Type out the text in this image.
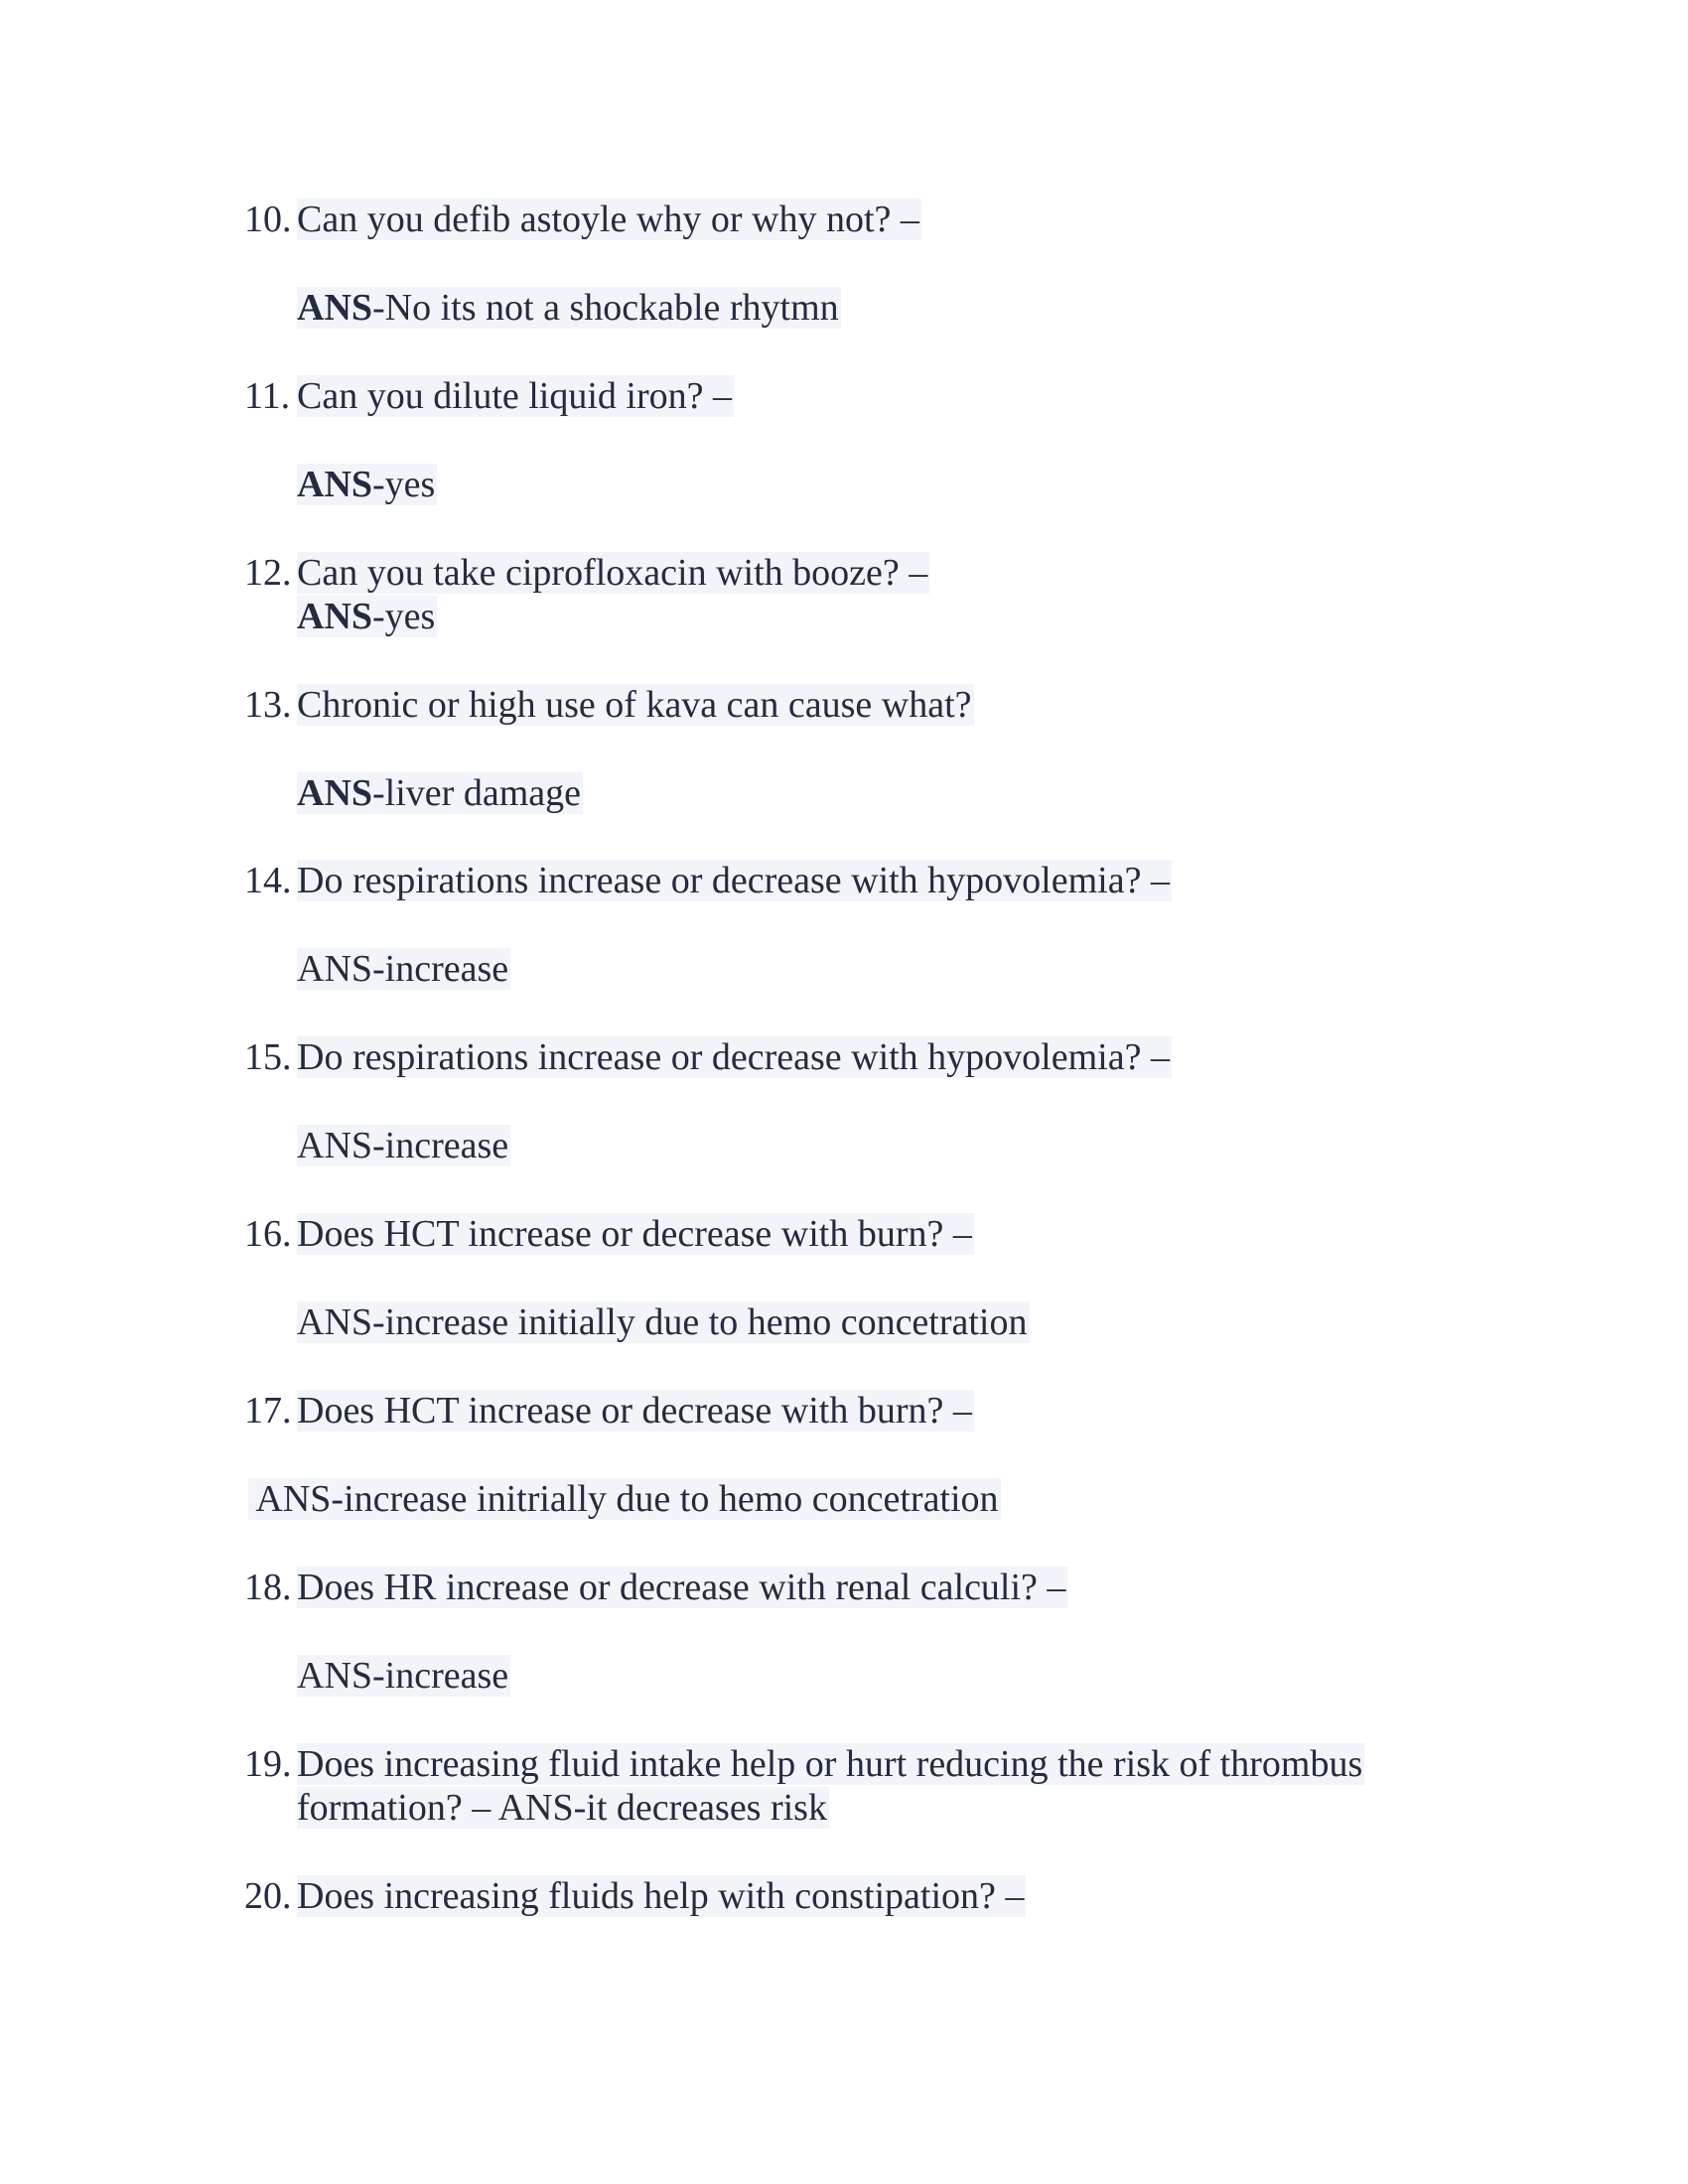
10. Can you defib astoyle why or why not? –
ANS-No its not a shockable rhytmn
11. Can you dilute liquid iron? –
ANS-yes
12. Can you take ciprofloxacin with booze? –
ANS-yes
13. Chronic or high use of kava can cause what?
ANS-liver damage
14. Do respirations increase or decrease with hypovolemia? –
ANS-increase
15. Do respirations increase or decrease with hypovolemia? –
ANS-increase
16. Does HCT increase or decrease with burn? –
ANS-increase initially due to hemo concetration
17. Does HCT increase or decrease with burn? –
ANS-increase initrially due to hemo concetration
18. Does HR increase or decrease with renal calculi? –
ANS-increase
19. Does increasing fluid intake help or hurt reducing the risk of thrombus
formation? – ANS-it decreases risk
20. Does increasing fluids help with constipation? –
